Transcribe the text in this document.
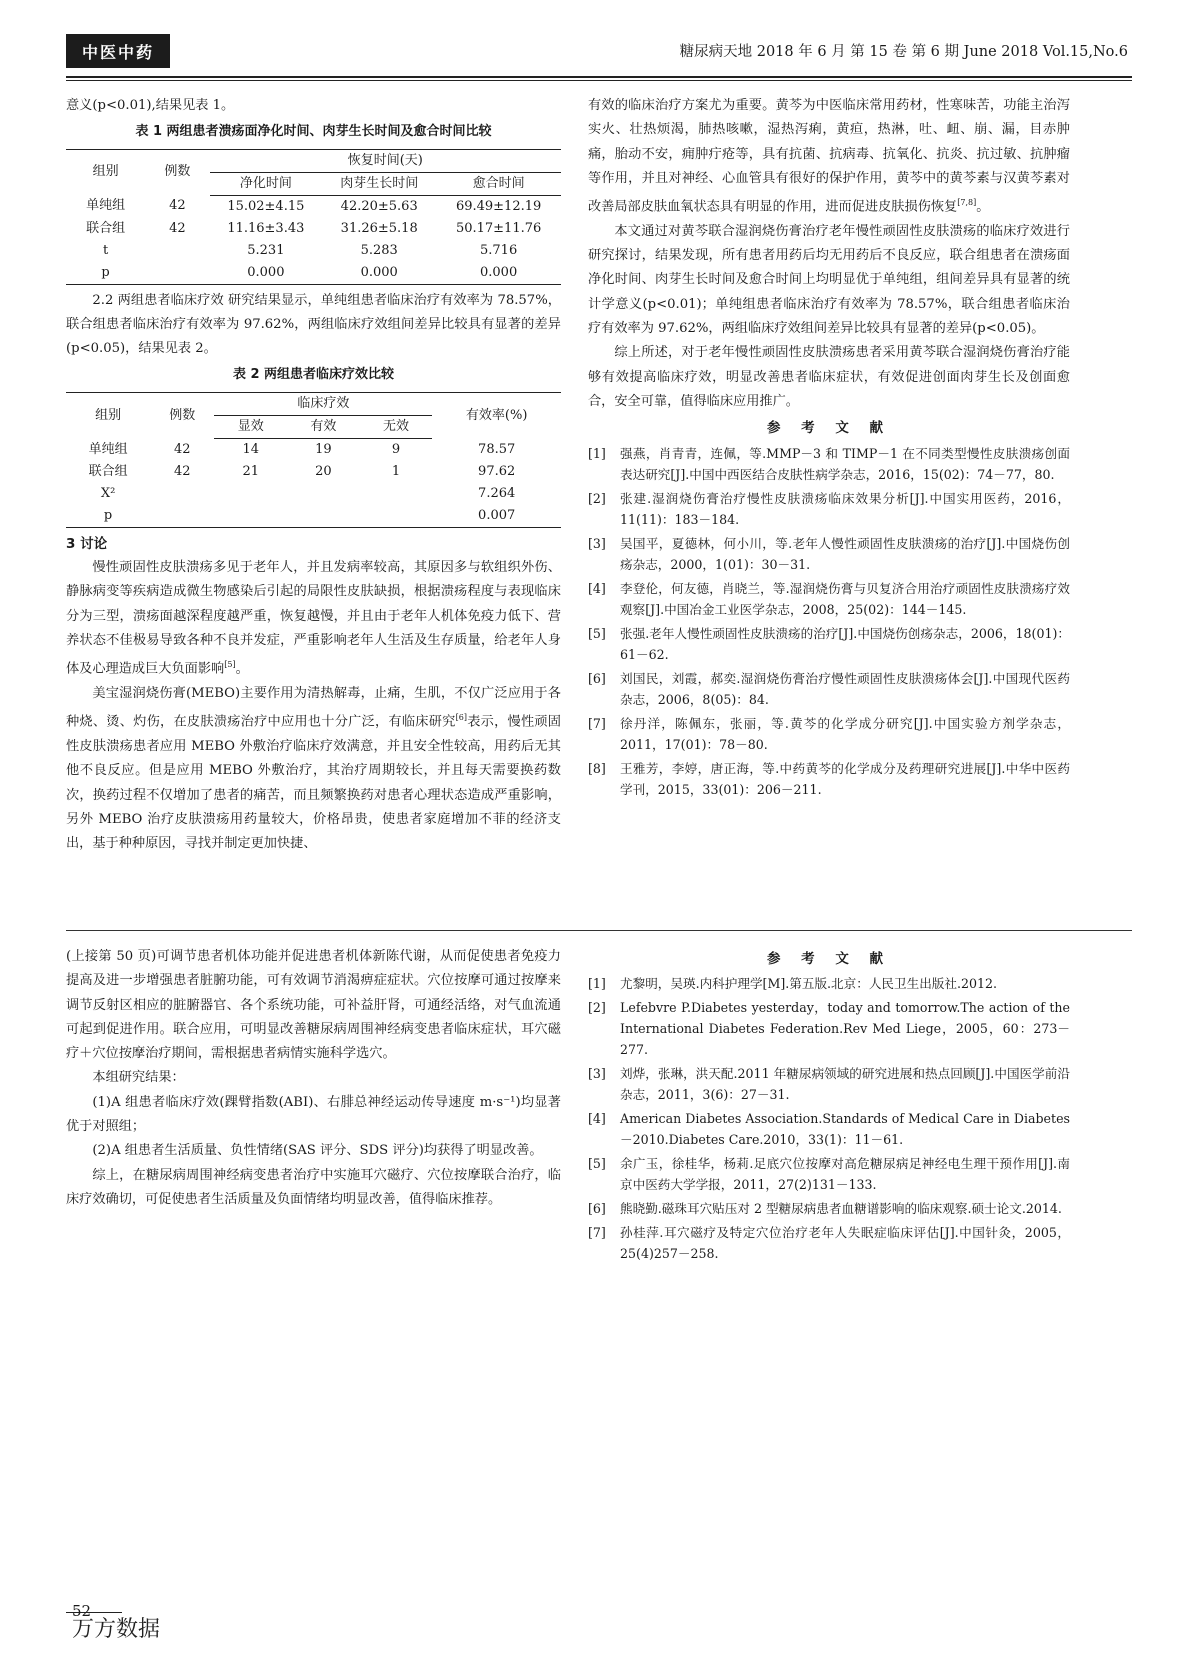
中医中药	糖尿病天地 2018 年 6 月 第 15 卷 第 6 期 June 2018 Vol.15,No.6

意义(p<0.01),结果见表 1。

表 1 两组患者溃疡面净化时间、肉芽生长时间及愈合时间比较
组别	例数	恢复时间(天)		
		净化时间	肉芽生长时间	愈合时间
单纯组	42	15.02±4.15	42.20±5.63	69.49±12.19
联合组	42	11.16±3.43	31.26±5.18	50.17±11.76
t		5.231	5.283	5.716
p		0.000	0.000	0.000

2.2 两组患者临床疗效 研究结果显示，单纯组患者临床治疗有效率为 78.57%，联合组患者临床治疗有效率为 97.62%，两组临床疗效组间差异比较具有显著的差异(p<0.05)，结果见表 2。

表 2 两组患者临床疗效比较
组别	例数	临床疗效			有效率(%)
		显效	有效	无效	
单纯组	42	14	19	9	78.57
联合组	42	21	20	1	97.62
X²					7.264
p					0.007
3 讨论

慢性顽固性皮肤溃疡多见于老年人，并且发病率较高，其原因多与软组织外伤、静脉病变等疾病造成微生物感染后引起的局限性皮肤缺损，根据溃疡程度与表现临床分为三型，溃疡面越深程度越严重，恢复越慢，并且由于老年人机体免疫力低下、营养状态不佳极易导致各种不良并发症，严重影响老年人生活及生存质量，给老年人身体及心理造成巨大负面影响[5]。

美宝湿润烧伤膏(MEBO)主要作用为清热解毒，止痛，生肌，不仅广泛应用于各种烧、烫、灼伤，在皮肤溃疡治疗中应用也十分广泛，有临床研究[6]表示，慢性顽固性皮肤溃疡患者应用 MEBO 外敷治疗临床疗效满意，并且安全性较高，用药后无其他不良反应。但是应用 MEBO 外敷治疗，其治疗周期较长，并且每天需要换药数次，换药过程不仅增加了患者的痛苦，而且频繁换药对患者心理状态造成严重影响，另外 MEBO 治疗皮肤溃疡用药量较大，价格昂贵，使患者家庭增加不菲的经济支出，基于种种原因，寻找并制定更加快捷、

有效的临床治疗方案尤为重要。黄芩为中医临床常用药材，性寒味苦，功能主治泻实火、壮热烦渴，肺热咳嗽，湿热泻痢，黄疸，热淋，吐、衄、崩、漏，目赤肿痛，胎动不安，痈肿疔疮等，具有抗菌、抗病毒、抗氧化、抗炎、抗过敏、抗肿瘤等作用，并且对神经、心血管具有很好的保护作用，黄芩中的黄芩素与汉黄芩素对改善局部皮肤血氧状态具有明显的作用，进而促进皮肤损伤恢复[7,8]。

本文通过对黄芩联合湿润烧伤膏治疗老年慢性顽固性皮肤溃疡的临床疗效进行研究探讨，结果发现，所有患者用药后均无用药后不良反应，联合组患者在溃疡面净化时间、肉芽生长时间及愈合时间上均明显优于单纯组，组间差异具有显著的统计学意义(p<0.01)；单纯组患者临床治疗有效率为 78.57%，联合组患者临床治疗有效率为 97.62%，两组临床疗效组间差异比较具有显著的差异(p<0.05)。

综上所述，对于老年慢性顽固性皮肤溃疡患者采用黄芩联合湿润烧伤膏治疗能够有效提高临床疗效，明显改善患者临床症状，有效促进创面肉芽生长及创面愈合，安全可靠，值得临床应用推广。

参 考 文 献
[1]	强燕，肖青青，连佩，等.MMP－3 和 TIMP－1 在不同类型慢性皮肤溃疡创面表达研究[J].中国中西医结合皮肤性病学杂志，2016，15(02)：74－77，80.
[2]	张建.湿润烧伤膏治疗慢性皮肤溃疡临床效果分析[J].中国实用医药，2016，11(11)：183－184.
[3]	吴国平，夏德林，何小川，等.老年人慢性顽固性皮肤溃疡的治疗[J].中国烧伤创疡杂志，2000，1(01)：30－31.
[4]	李登伦，何友德，肖晓兰，等.湿润烧伤膏与贝复济合用治疗顽固性皮肤溃疡疗效观察[J].中国冶金工业医学杂志，2008，25(02)：144－145.
[5]	张强.老年人慢性顽固性皮肤溃疡的治疗[J].中国烧伤创疡杂志，2006，18(01)：61－62.
[6]	刘国民，刘霞，郝奕.湿润烧伤膏治疗慢性顽固性皮肤溃疡体会[J].中国现代医药杂志，2006，8(05)：84.
[7]	徐丹洋，陈佩东，张丽，等.黄芩的化学成分研究[J].中国实验方剂学杂志，2011，17(01)：78－80.
[8]	王雅芳，李婷，唐正海，等.中药黄芩的化学成分及药理研究进展[J].中华中医药学刊，2015，33(01)：206－211.

(上接第 50 页)可调节患者机体功能并促进患者机体新陈代谢，从而促使患者免疫力提高及进一步增强患者脏腑功能，可有效调节消渴痹症症状。穴位按摩可通过按摩来调节反射区相应的脏腑器官、各个系统功能，可补益肝肾，可通经活络，对气血流通可起到促进作用。联合应用，可明显改善糖尿病周围神经病变患者临床症状，耳穴磁疗＋穴位按摩治疗期间，需根据患者病情实施科学选穴。

本组研究结果：

(1)A 组患者临床疗效(踝臂指数(ABI)、右腓总神经运动传导速度 m·s⁻¹)均显著优于对照组；

(2)A 组患者生活质量、负性情绪(SAS 评分、SDS 评分)均获得了明显改善。

综上，在糖尿病周围神经病变患者治疗中实施耳穴磁疗、穴位按摩联合治疗，临床疗效确切，可促使患者生活质量及负面情绪均明显改善，值得临床推荐。

参 考 文 献
[1]	尤黎明，吴瑛.内科护理学[M].第五版.北京：人民卫生出版社.2012.
[2]	Lefebvre P.Diabetes yesterday，today and tomorrow.The action of the International Diabetes Federation.Rev Med Liege，2005，60：273－277.
[3]	刘烨，张琳，洪天配.2011 年糖尿病领域的研究进展和热点回顾[J].中国医学前沿杂志，2011，3(6)：27－31.
[4]	American Diabetes Association.Standards of Medical Care in Diabetes－2010.Diabetes Care.2010，33(1)：11－61.
[5]	余广玉，徐桂华，杨莉.足底穴位按摩对高危糖尿病足神经电生理干预作用[J].南京中医药大学学报，2011，27(2)131－133.
[6]	熊晓勤.磁珠耳穴贴压对 2 型糖尿病患者血糖谱影响的临床观察.硕士论文.2014.
[7]	孙桂萍.耳穴磁疗及特定穴位治疗老年人失眠症临床评估[J].中国针灸，2005，25(4)257－258.
52
万方数据
